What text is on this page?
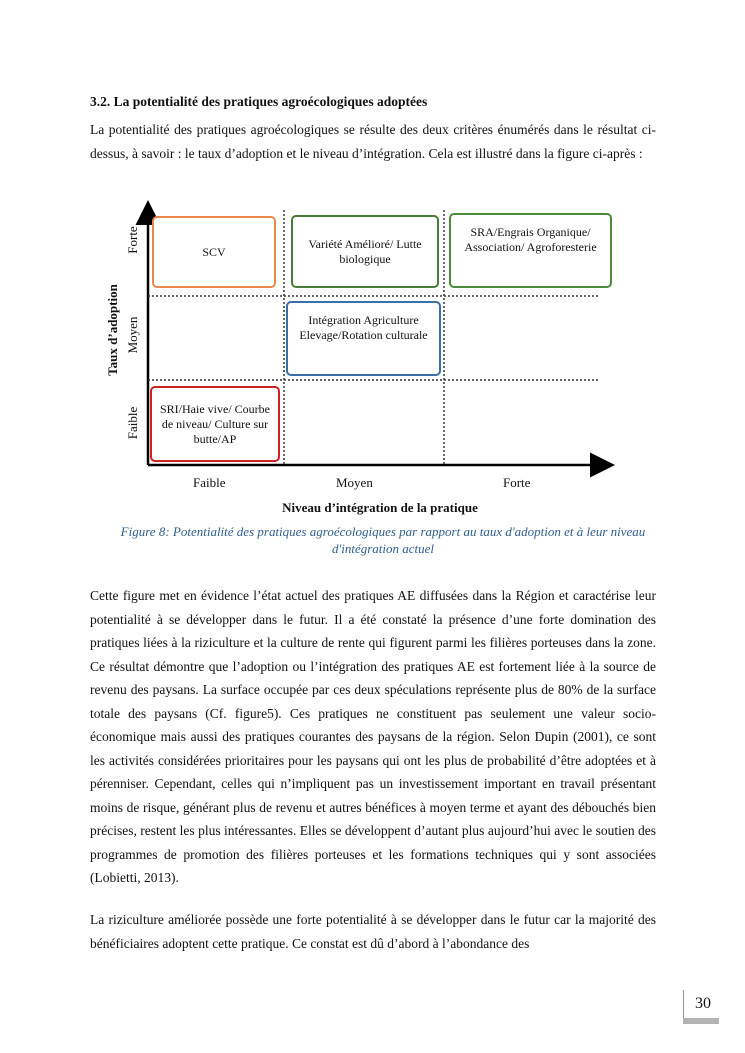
3.2. La potentialité des pratiques agroécologiques adoptées

La potentialité des pratiques agroécologiques se résulte des deux critères énumérés dans le résultat ci-dessus, à savoir : le taux d’adoption et le niveau d’intégration. Cela est illustré dans la figure ci-après :

Forte
Moyen
Faible
Taux d’adoption
Faible	Moyen	Forte
Niveau d’intégration de la pratique
SCV
Variété Amélioré/ Lutte biologique
SRA/Engrais Organique/ Association/ Agroforesterie
Intégration Agriculture Elevage/Rotation culturale
SRI/Haie vive/ Courbe de niveau/ Culture sur butte/AP
Figure 8: Potentialité des pratiques agroécologiques par rapport au taux d'adoption et à leur niveau d'intégration actuel

Cette figure met en évidence l’état actuel des pratiques AE diffusées dans la Région et caractérise leur potentialité à se développer dans le futur. Il a été constaté la présence d’une forte domination des pratiques liées à la riziculture et la culture de rente qui figurent parmi les filières porteuses dans la zone. Ce résultat démontre que l’adoption ou l’intégration des pratiques AE est fortement liée à la source de revenu des paysans. La surface occupée par ces deux spéculations représente plus de 80% de la surface totale des paysans (Cf. figure5). Ces pratiques ne constituent pas seulement une valeur socio-économique mais aussi des pratiques courantes des paysans de la région. Selon Dupin (2001), ce sont les activités considérées prioritaires pour les paysans qui ont les plus de probabilité d’être adoptées et à pérenniser. Cependant, celles qui n’impliquent pas un investissement important en travail présentant moins de risque, générant plus de revenu et autres bénéfices à moyen terme et ayant des débouchés bien précises, restent les plus intéressantes. Elles se développent d’autant plus aujourd’hui avec le soutien des programmes de promotion des filières porteuses et les formations techniques qui y sont associées (Lobietti, 2013).

La riziculture améliorée possède une forte potentialité à se développer dans le futur car la majorité des bénéficiaires adoptent cette pratique. Ce constat est dû d’abord à l’abondance des

30
